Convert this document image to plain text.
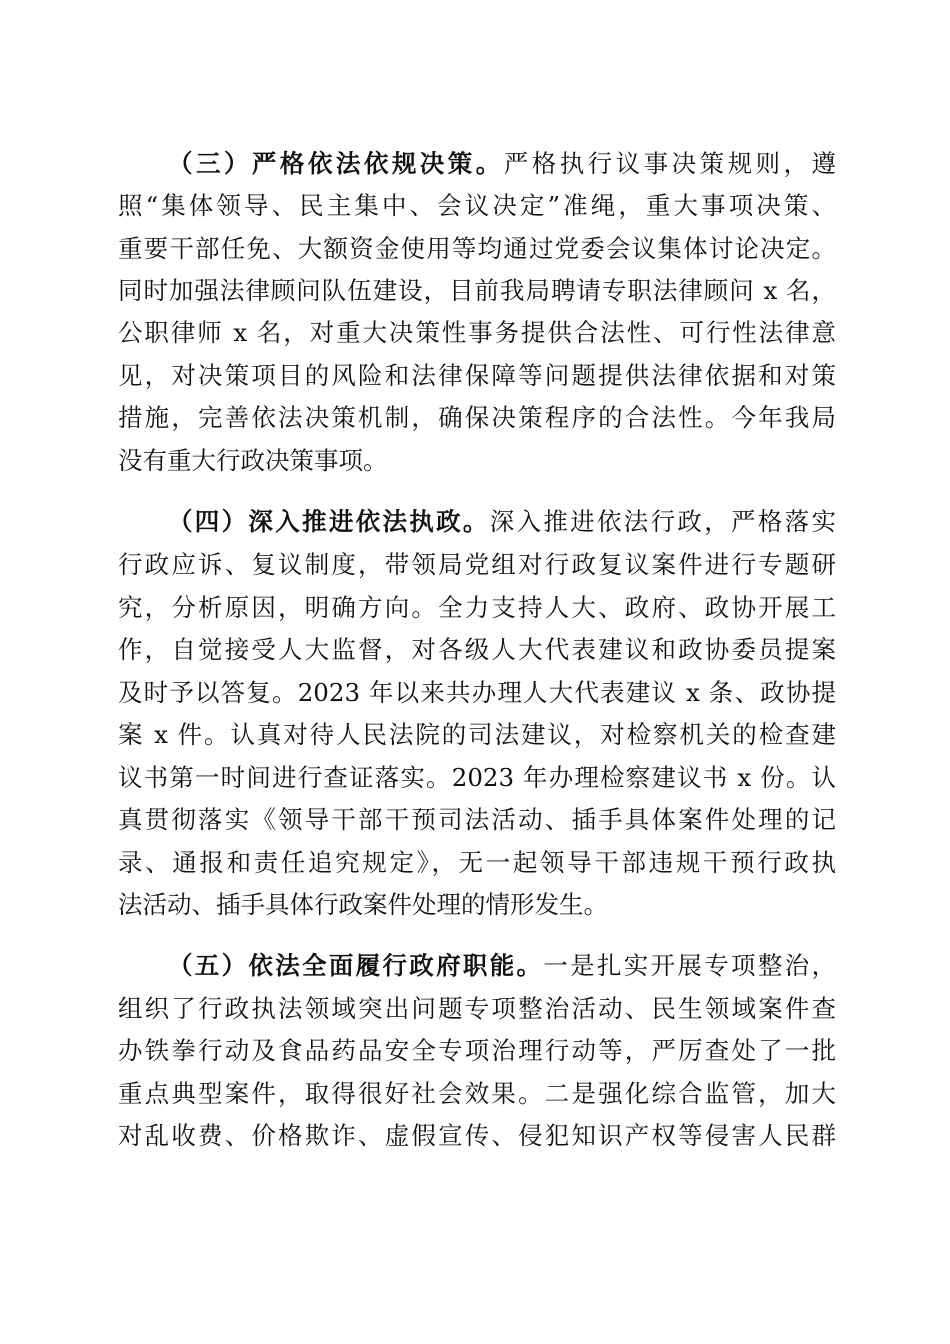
（三）严格依法依规决策。严格执行议事决策规则，遵
照“集体领导、民主集中、会议决定”准绳，重大事项决策、
重要干部任免、大额资金使用等均通过党委会议集体讨论决定。
同时加强法律顾问队伍建设，目前我局聘请专职法律顾问 x 名，
公职律师 x 名，对重大决策性事务提供合法性、可行性法律意
见，对决策项目的风险和法律保障等问题提供法律依据和对策
措施，完善依法决策机制，确保决策程序的合法性。今年我局
没有重大行政决策事项。
（四）深入推进依法执政。深入推进依法行政，严格落实
行政应诉、复议制度，带领局党组对行政复议案件进行专题研
究，分析原因，明确方向。全力支持人大、政府、政协开展工
作，自觉接受人大监督，对各级人大代表建议和政协委员提案
及时予以答复。2023 年以来共办理人大代表建议 x 条、政协提
案 x 件。认真对待人民法院的司法建议，对检察机关的检查建
议书第一时间进行查证落实。2023 年办理检察建议书 x 份。认
真贯彻落实《领导干部干预司法活动、插手具体案件处理的记
录、通报和责任追究规定》，无一起领导干部违规干预行政执
法活动、插手具体行政案件处理的情形发生。
（五）依法全面履行政府职能。一是扎实开展专项整治，
组织了行政执法领域突出问题专项整治活动、民生领域案件查
办铁拳行动及食品药品安全专项治理行动等，严厉查处了一批
重点典型案件，取得很好社会效果。二是强化综合监管，加大
对乱收费、价格欺诈、虚假宣传、侵犯知识产权等侵害人民群
